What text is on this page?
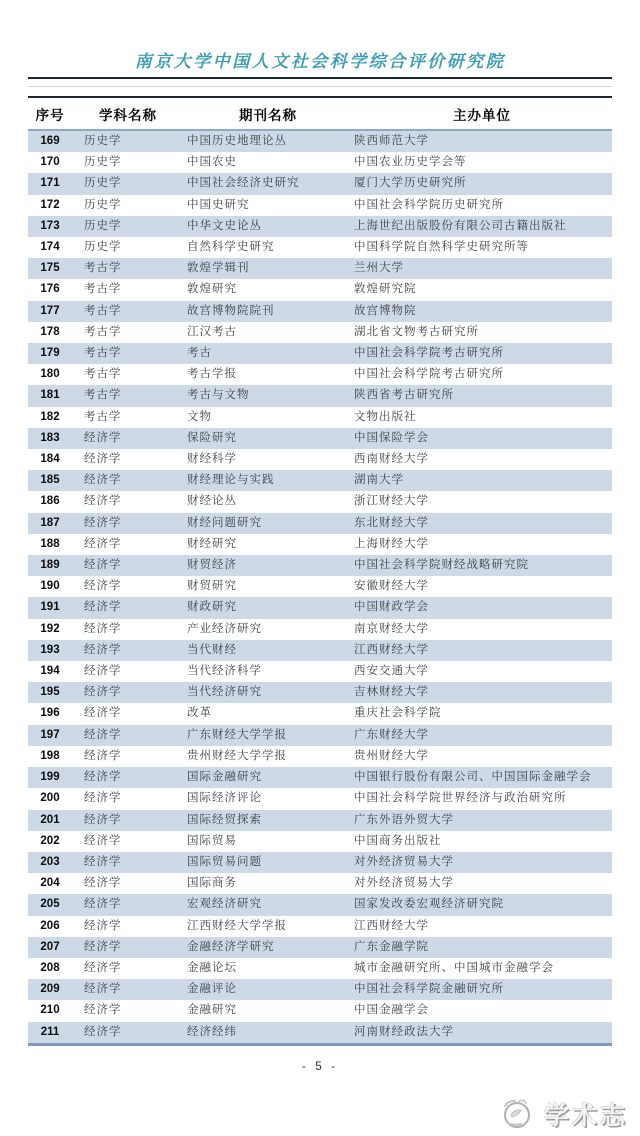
南京大学中国人文社会科学综合评价研究院
序号	学科名称	期刊名称	主办单位
169	历史学	中国历史地理论丛	陕西师范大学
170	历史学	中国农史	中国农业历史学会等
171	历史学	中国社会经济史研究	厦门大学历史研究所
172	历史学	中国史研究	中国社会科学院历史研究所
173	历史学	中华文史论丛	上海世纪出版股份有限公司古籍出版社
174	历史学	自然科学史研究	中国科学院自然科学史研究所等
175	考古学	敦煌学辑刊	兰州大学
176	考古学	敦煌研究	敦煌研究院
177	考古学	故宫博物院院刊	故宫博物院
178	考古学	江汉考古	湖北省文物考古研究所
179	考古学	考古	中国社会科学院考古研究所
180	考古学	考古学报	中国社会科学院考古研究所
181	考古学	考古与文物	陕西省考古研究所
182	考古学	文物	文物出版社
183	经济学	保险研究	中国保险学会
184	经济学	财经科学	西南财经大学
185	经济学	财经理论与实践	湖南大学
186	经济学	财经论丛	浙江财经大学
187	经济学	财经问题研究	东北财经大学
188	经济学	财经研究	上海财经大学
189	经济学	财贸经济	中国社会科学院财经战略研究院
190	经济学	财贸研究	安徽财经大学
191	经济学	财政研究	中国财政学会
192	经济学	产业经济研究	南京财经大学
193	经济学	当代财经	江西财经大学
194	经济学	当代经济科学	西安交通大学
195	经济学	当代经济研究	吉林财经大学
196	经济学	改革	重庆社会科学院
197	经济学	广东财经大学学报	广东财经大学
198	经济学	贵州财经大学学报	贵州财经大学
199	经济学	国际金融研究	中国银行股份有限公司、中国国际金融学会
200	经济学	国际经济评论	中国社会科学院世界经济与政治研究所
201	经济学	国际经贸探索	广东外语外贸大学
202	经济学	国际贸易	中国商务出版社
203	经济学	国际贸易问题	对外经济贸易大学
204	经济学	国际商务	对外经济贸易大学
205	经济学	宏观经济研究	国家发改委宏观经济研究院
206	经济学	江西财经大学学报	江西财经大学
207	经济学	金融经济学研究	广东金融学院
208	经济学	金融论坛	城市金融研究所、中国城市金融学会
209	经济学	金融评论	中国社会科学院金融研究所
210	经济学	金融研究	中国金融学会
211	经济学	经济经纬	河南财经政法大学
- 5 -
学术志
